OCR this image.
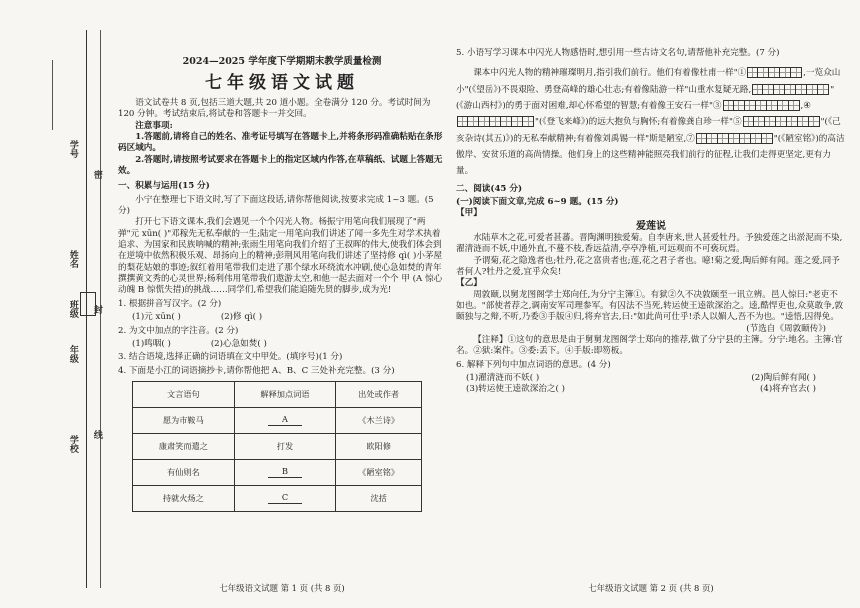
学号
姓名
班级
年级
学校
密
封
线
2024—2025 学年度下学期期末教学质量检测
七年级语文试题

语文试卷共 8 页,包括三道大题,共 20 道小题。全卷满分 120 分。考试时间为 120 分钟。考试结束后,将试卷和答题卡一并交回。

注意事项:

1.答题前,请将自己的姓名、准考证号填写在答题卡上,并将条形码准确粘贴在条形码区域内。

2.答题时,请按照考试要求在答题卡上的指定区域内作答,在草稿纸、试题上答题无效。

一、积累与运用(15 分)

小宁在整理七下语文时,写了下面这段话,请你帮他阅读,按要求完成 1~3 题。(5 分)

打开七下语文课本,我们会遇见一个个闪光人物。杨振宁用笔向我们展现了"两弹"元 xūn( )"邓稼先无私奉献的一生;陆定一用笔向我们讲述了闻一多先生对学术执着追求、为国家和民族呐喊的精神;张雨生用笔向我们介绍了王叔晖的伟大,使我们体会到在逆境中依然积极乐观、昂扬向上的精神;彭荆风用笔向我们讲述了坚持修 qì( )小茅屋的梨花姑娘的事迹;叙红着用笔带我们走进了那个绿水环绕流水冲刷,使心急如焚的青年撰撰黄文秀的心灵世界;杨利伟用笔带我们遨游太空,和他一起去面对一个个 甲 (A 惊心动魄 B 惊慌失措)的挑战……同学们,希望我们能追随先贤的脚步,成为光!

1. 根据拼音写汉字。(2 分)

(1)元 xūn( )	(2)修 qì( )

2. 为文中加点的字注音。(2 分)

(1)鸣咽( )	(2)心急如焚( )

3. 结合语境,选择正确的词语填在文中甲处。(填序号)(1 分)

4. 下面是小江的词语摘抄卡,请你帮他把 A、B、C 三处补充完整。(3 分)

文言语句	解释加点词语	出处或作者
愿为市鞍马	A	《木兰诗》
康肃笑而遣之	打发	欧阳修
有仙则名	B	《陋室铭》
持就火炀之	C	沈括
七年级语文试题 第 1 页 (共 8 页)

5. 小语写学习课本中闪光人物感悟时,想引用一些古诗文名句,请帮他补充完整。(7 分)

课本中闪光人物的精神璀璨明月,指引我们前行。他们有着像杜甫一样"①	,一览众山小"(《望岳》)不畏艰险、勇登高峰的雄心壮志;有着像陆游一样"山重水复疑无路,	"(《游山西村》)的勇于面对困难,却心怀希望的智慧;有着像王安石一样"③	,④
"(《登飞来峰》)的远大抱负与胸怀;有着像龚自珍一样"⑤	"(《己亥杂诗(其五)》)的无私奉献精神;有着像刘禹锡一样"斯是陋室,⑦	"(《陋室铭》)的高洁傲岸、安贫乐道的高尚情操。他们身上的这些精神能照亮我们前行的征程,让我们走得更坚定,更有力量。

二、阅读(45 分)

(一)阅读下面文章,完成 6~9 题。(15 分)

【甲】

爱莲说

水陆草木之花,可爱者甚蕃。晋陶渊明独爱菊。自李唐来,世人甚爱牡丹。予独爱莲之出淤泥而不染,濯清涟而不妖,中通外直,不蔓不枝,香远益清,亭亭净植,可远观而不可亵玩焉。

予谓菊,花之隐逸者也;牡丹,花之富贵者也;莲,花之君子者也。噫!菊之爱,陶后鲜有闻。莲之爱,同予者何人?牡丹之爱,宜乎众矣!

【乙】

周敦颐,以舅龙图阁学士郑向任,为分宁主簿①。有狱②久不决敦颐至一讯立辨。邑人惊曰:"老吏不如也。"部使者荐之,调南安军司理参军。有囚法不当死,转运使王逵欲深治之。逵,酷悍吏也,众莫敢争,敦颐独与之辩,不听,乃委③手版④归,将弃官去,曰:"如此尚可仕乎!杀人以媚人,吾不为也。"逵悟,囚得免。

(节选自《周敦颐传》)

【注释】①这句的意思是由于舅舅龙图阁学士郑向的推荐,做了分宁县的主簿。分宁:地名。主簿:官名。②狱:案件。③委:丢下。④手版:即笏板。

6. 解释下列句中加点词语的意思。(4 分)

(1)濯清涟而不妖( )	(2)陶后鲜有闻( )
(3)转运使王逵欲深治之( )	(4)将弃官去( )
七年级语文试题 第 2 页 (共 8 页)
